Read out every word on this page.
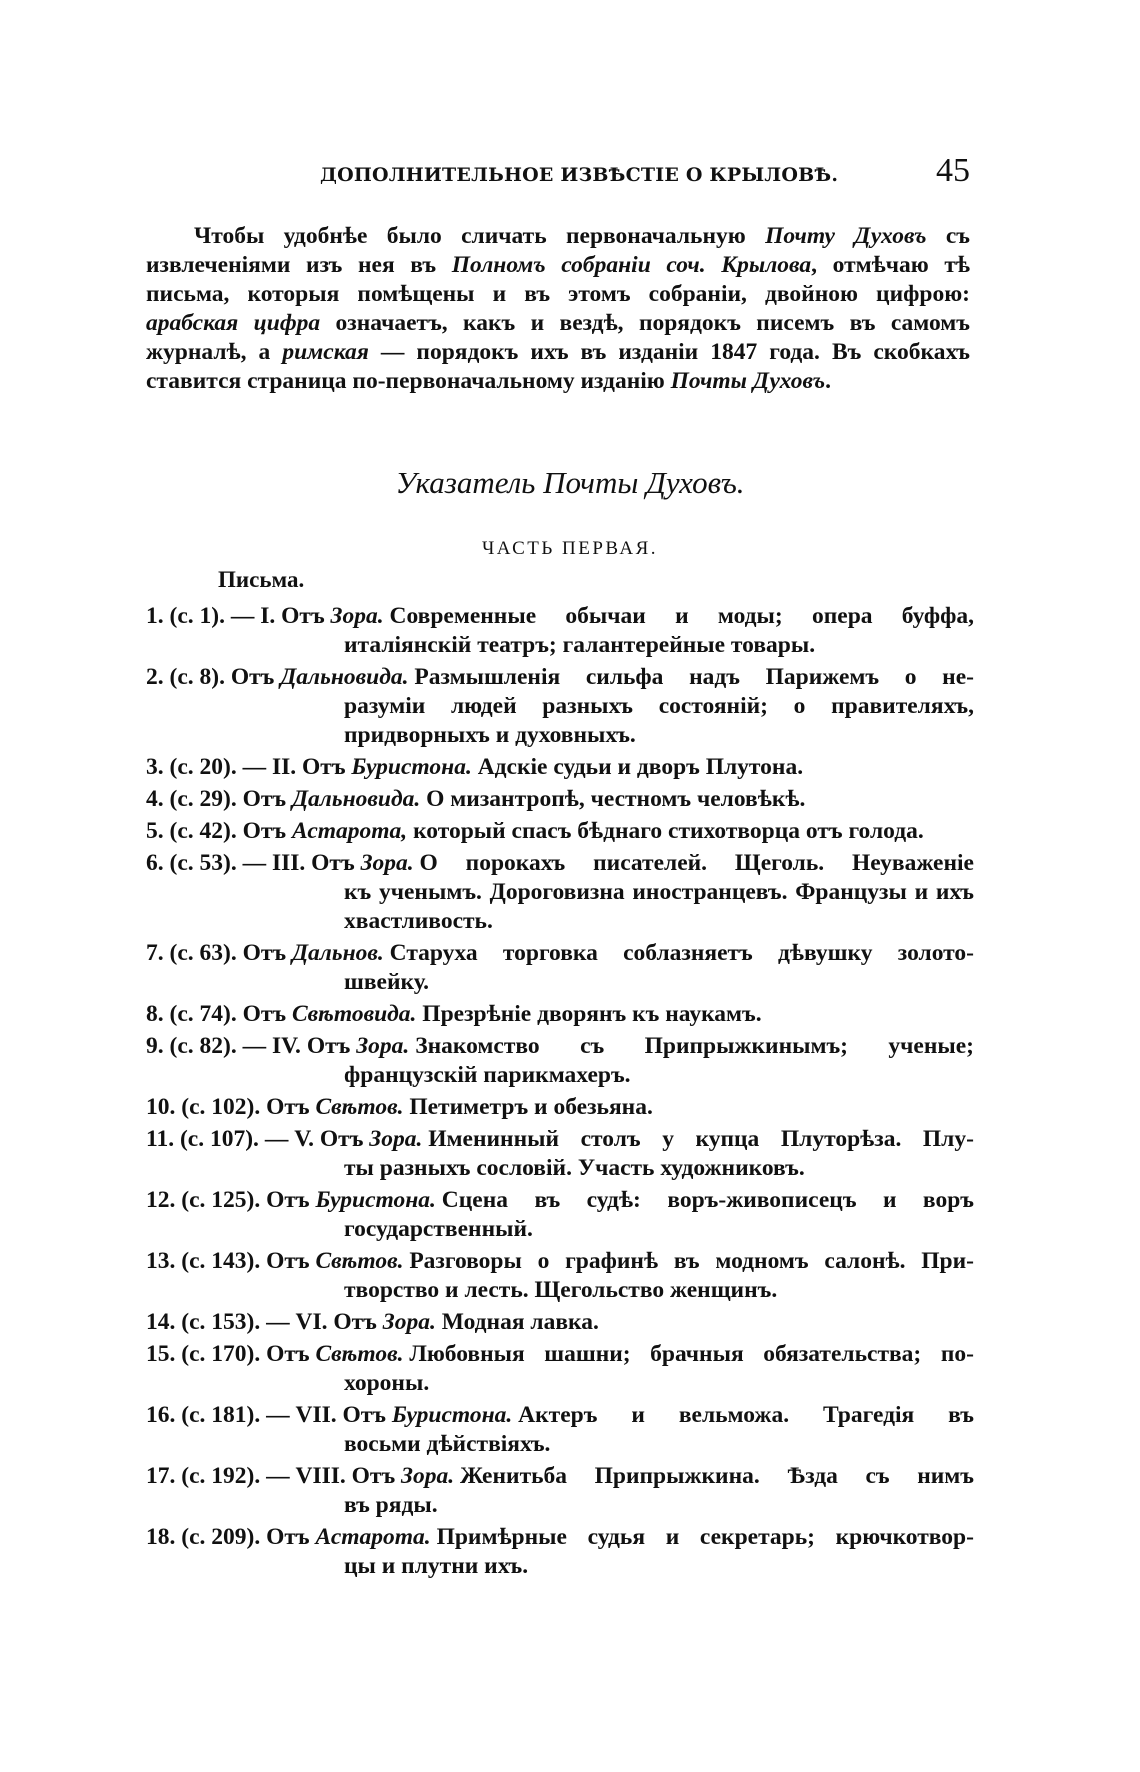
ДОПОЛНИТЕЛЬНОЕ ИЗВѢСТІЕ О КРЫЛОВѢ.	45
Чтобы удобнѣе было сличать первоначальную Почту Духовъ съ извлеченіями изъ нея въ Полномъ собраніи соч. Крылова, отмѣчаю тѣ письма, которыя помѣщены и въ этомъ собраніи, двойною цифрою: арабская цифра означаетъ, какъ и вездѣ, порядокъ писемъ въ самомъ журналѣ, а римская — порядокъ ихъ въ изданіи 1847 года. Въ скобкахъ ставится страница по-первоначальному изданію Почты Духовъ.
Указатель Почты Духовъ.
ЧАСТЬ ПЕРВАЯ.
Письма.
1. (с. 1). — I. Отъ Зора. Современные обычаи и моды; опера буффа,
италіянскій театръ; галантерейные товары.
2. (с. 8). Отъ Дальновида. Размышленія сильфа надъ Парижемъ о не-
разуміи людей разныхъ состояній; о правителяхъ, придворныхъ и духовныхъ.
3. (с. 20). — II. Отъ Буристона. Адскіе судьи и дворъ Плутона.
4. (с. 29). Отъ Дальновида. О мизантропѣ, честномъ человѣкѣ.
5. (с. 42). Отъ Астарота, который спасъ бѣднаго стихотворца отъ голода.
6. (с. 53). — III. Отъ Зора. О порокахъ писателей. Щеголь. Неуваженіе
къ ученымъ. Дороговизна иностранцевъ. Французы и ихъ хвастливость.
7. (с. 63). Отъ Дальнов. Старуха торговка соблазняетъ дѣвушку золото-
швейку.
8. (с. 74). Отъ Свѣтовида. Презрѣніе дворянъ къ наукамъ.
9. (с. 82). — IV. Отъ Зора. Знакомство съ Припрыжкинымъ; ученые;
французскій парикмахеръ.
10. (с. 102). Отъ Свѣтов. Петиметръ и обезьяна.
11. (с. 107). — V. Отъ Зора. Именинный столъ у купца Плуторѣза. Плу-
ты разныхъ сословій. Участь художниковъ.
12. (с. 125). Отъ Буристона. Сцена въ судѣ: воръ-живописецъ и воръ
государственный.
13. (с. 143). Отъ Свѣтов. Разговоры о графинѣ въ модномъ салонѣ. При-
творство и лесть. Щегольство женщинъ.
14. (с. 153). — VI. Отъ Зора. Модная лавка.
15. (с. 170). Отъ Свѣтов. Любовныя шашни; брачныя обязательства; по-
хороны.
16. (с. 181). — VII. Отъ Буристона. Актеръ и вельможа. Трагедія въ
восьми дѣйствіяхъ.
17. (с. 192). — VIII. Отъ Зора. Женитьба Припрыжкина. Ѣзда съ нимъ
въ ряды.
18. (с. 209). Отъ Астарота. Примѣрные судья и секретарь; крючкотвор-
цы и плутни ихъ.
